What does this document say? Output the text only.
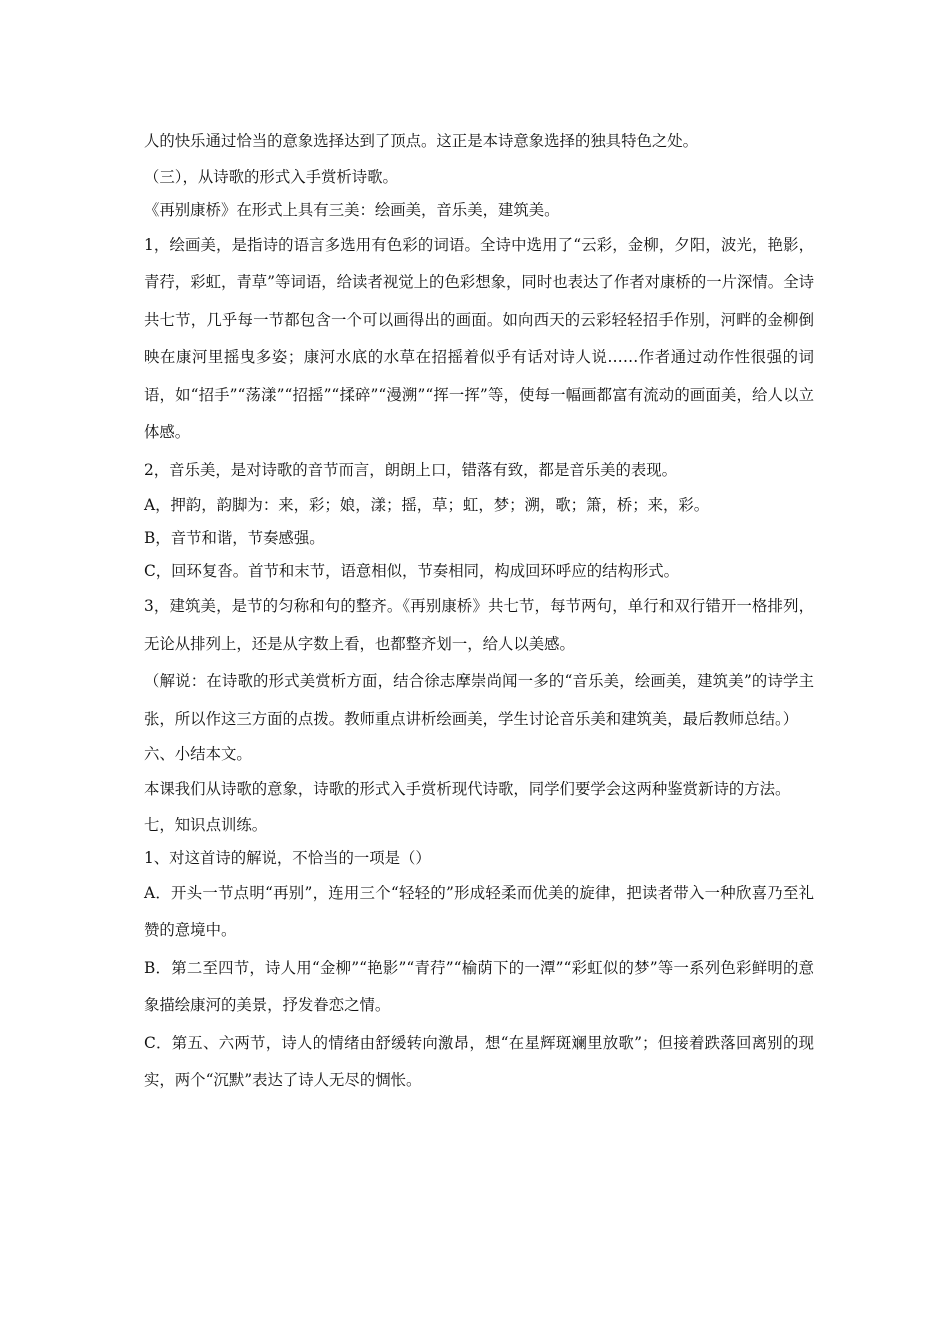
人的快乐通过恰当的意象选择达到了顶点。这正是本诗意象选择的独具特色之处。

（三），从诗歌的形式入手赏析诗歌。

《再别康桥》在形式上具有三美：绘画美，音乐美，建筑美。

1，绘画美，是指诗的语言多选用有色彩的词语。全诗中选用了“云彩，金柳，夕阳，波光，艳影，青荇，彩虹，青草”等词语，给读者视觉上的色彩想象，同时也表达了作者对康桥的一片深情。全诗共七节，几乎每一节都包含一个可以画得出的画面。如向西天的云彩轻轻招手作别，河畔的金柳倒映在康河里摇曳多姿；康河水底的水草在招摇着似乎有话对诗人说……作者通过动作性很强的词语，如“招手”“荡漾”“招摇”“揉碎”“漫溯”“挥一挥”等，使每一幅画都富有流动的画面美，给人以立体感。

2，音乐美，是对诗歌的音节而言，朗朗上口，错落有致，都是音乐美的表现。

A，押韵，韵脚为：来，彩；娘，漾；摇，草；虹，梦；溯，歌；箫，桥；来，彩。

B，音节和谐，节奏感强。

C，回环复沓。首节和末节，语意相似，节奏相同，构成回环呼应的结构形式。

3，建筑美，是节的匀称和句的整齐。《再别康桥》共七节，每节两句，单行和双行错开一格排列，无论从排列上，还是从字数上看，也都整齐划一，给人以美感。

（解说：在诗歌的形式美赏析方面，结合徐志摩崇尚闻一多的“音乐美，绘画美，建筑美”的诗学主张，所以作这三方面的点拨。教师重点讲析绘画美，学生讨论音乐美和建筑美，最后教师总结。）

六、小结本文。

本课我们从诗歌的意象，诗歌的形式入手赏析现代诗歌，同学们要学会这两种鉴赏新诗的方法。

七，知识点训练。

1、对这首诗的解说，不恰当的一项是（）

A．开头一节点明“再别”，连用三个“轻轻的”形成轻柔而优美的旋律，把读者带入一种欣喜乃至礼赞的意境中。

B．第二至四节，诗人用“金柳”“艳影”“青荇”“榆荫下的一潭”“彩虹似的梦”等一系列色彩鲜明的意象描绘康河的美景，抒发眷恋之情。

C．第五、六两节，诗人的情绪由舒缓转向激昂，想“在星辉斑斓里放歌”；但接着跌落回离别的现实，两个“沉默”表达了诗人无尽的惆怅。
